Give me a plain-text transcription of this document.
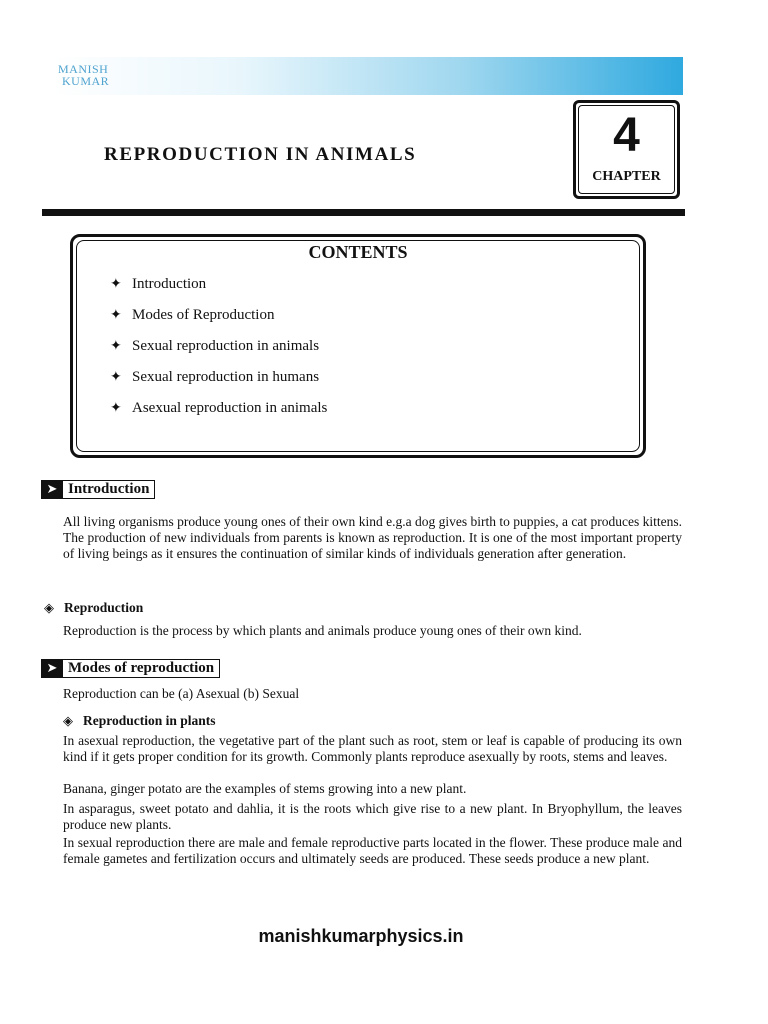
MANISH
KUMAR
REPRODUCTION IN ANIMALS	4
CHAPTER
CONTENTS
✦ Introduction
✦ Modes of Reproduction
✦ Sexual reproduction in animals
✦ Sexual reproduction in humans
✦ Asexual reproduction in animals
➤ Introduction
All living organisms produce young ones of their own kind e.g.a dog gives birth to puppies, a cat produces kittens. The production of new individuals from parents is known as reproduction. It is one of the most important property of living beings as it ensures the continuation of similar kinds of individuals generation after generation.
◈ Reproduction
Reproduction is the process by which plants and animals produce young ones of their own kind.
➤ Modes of reproduction
Reproduction can be (a) Asexual (b) Sexual
◈ Reproduction in plants
In asexual reproduction, the vegetative part of the plant such as root, stem or leaf is capable of producing its own kind if it gets proper condition for its growth. Commonly plants reproduce asexually by roots, stems and leaves.
Banana, ginger potato are the examples of stems growing into a new plant.
In asparagus, sweet potato and dahlia, it is the roots which give rise to a new plant. In Bryophyllum, the leaves produce new plants.
In sexual reproduction there are male and female reproductive parts located in the flower. These produce male and female gametes and fertilization occurs and ultimately seeds are produced. These seeds produce a new plant.
manishkumarphysics.in
